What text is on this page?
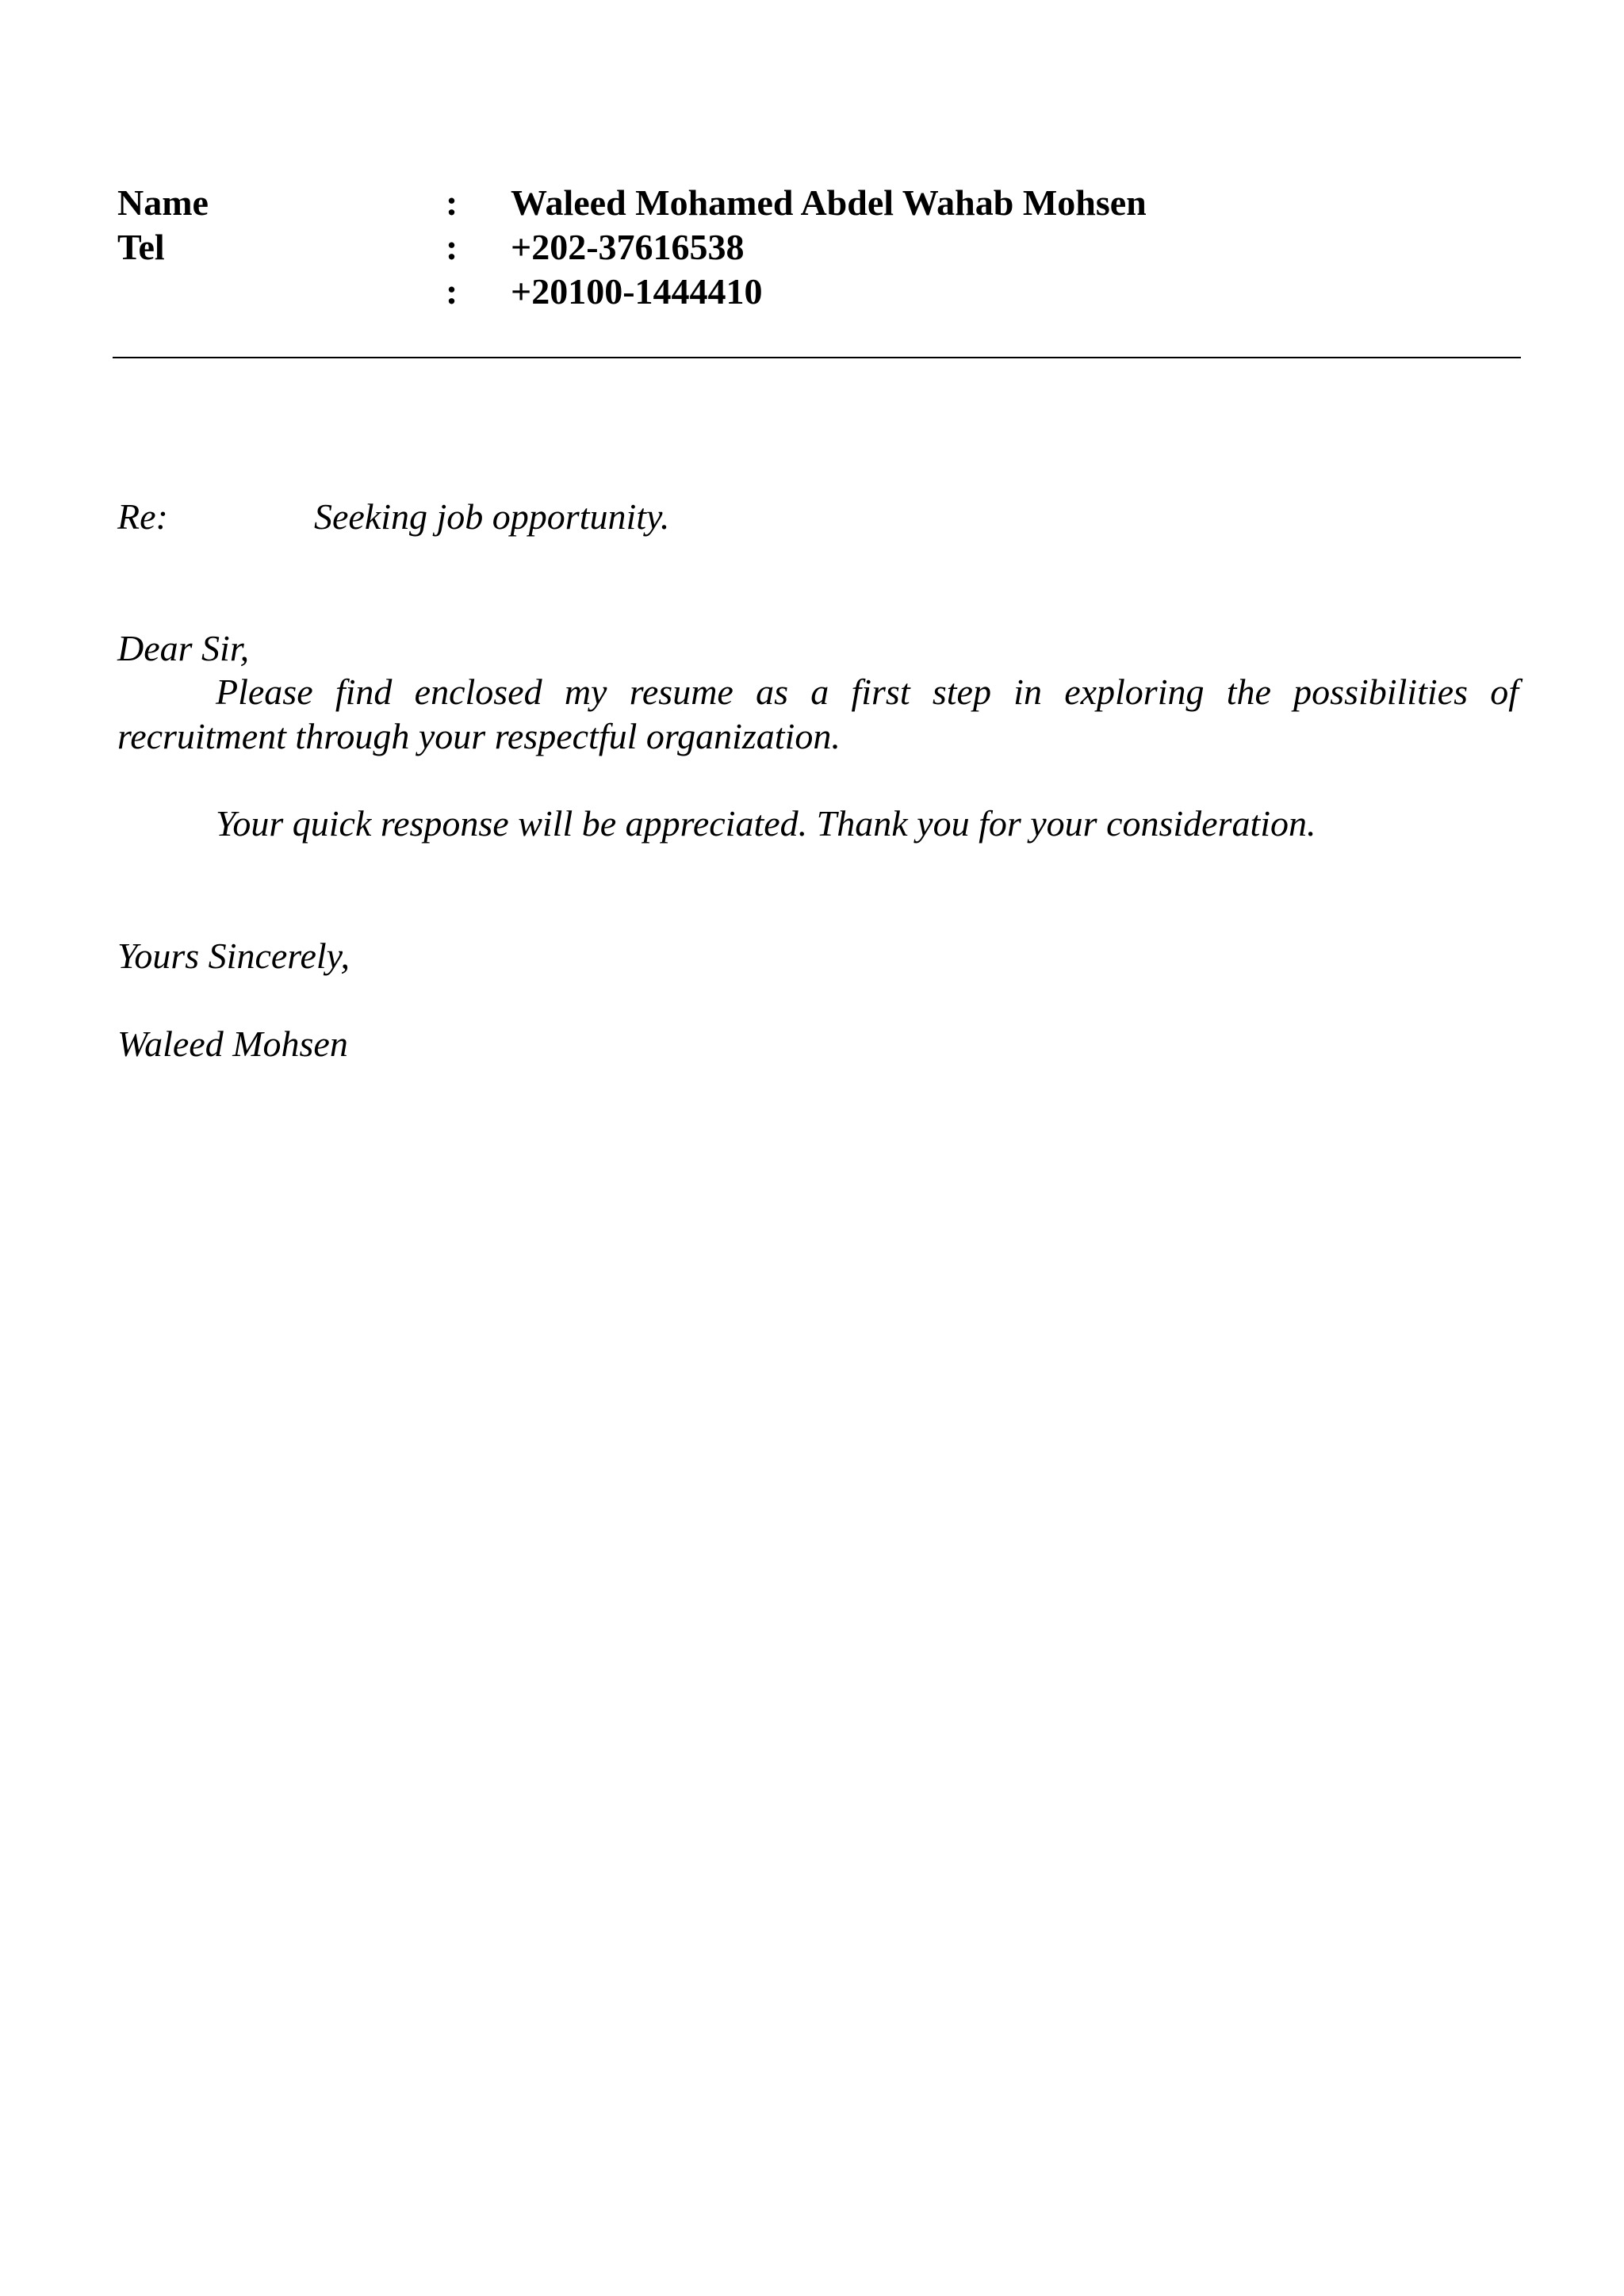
Name	: Waleed Mohamed Abdel Wahab Mohsen
Tel	: +202-37616538
: +20100-1444410
Re:	Seeking job opportunity.
Dear Sir,
Please find enclosed my resume as a first step in exploring the possibilities of recruitment through your respectful organization.
Your quick response will be appreciated. Thank you for your consideration.
Yours Sincerely,
Waleed Mohsen
